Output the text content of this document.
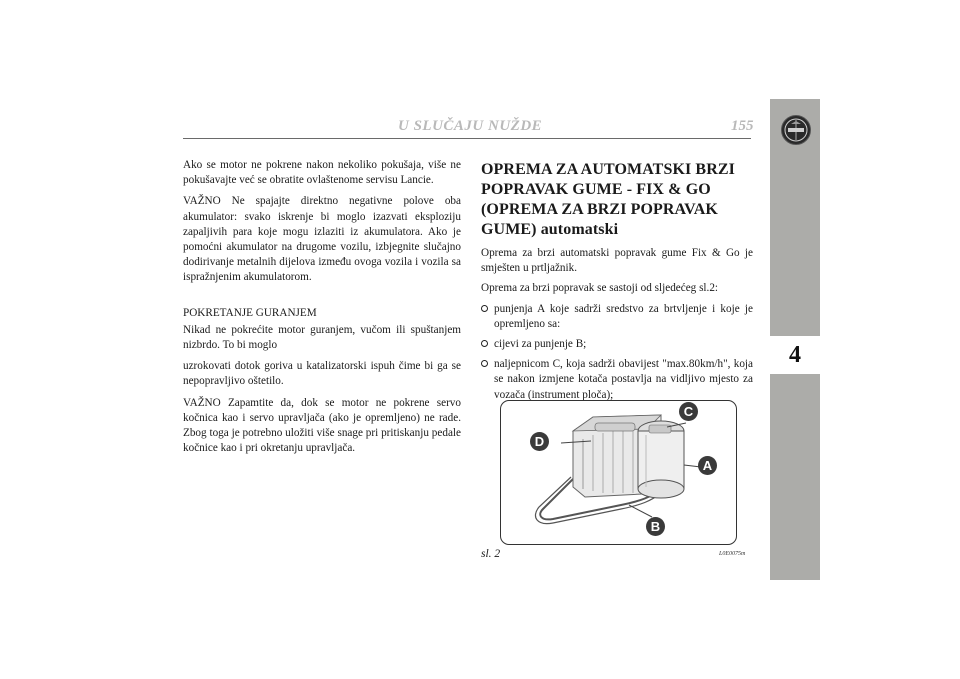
U SLUČAJU NUŽDE	155
4

Ako se motor ne pokrene nakon nekoliko pokušaja, više ne pokušavajte već se obratite ovlaštenome servisu Lancie.

VAŽNO Ne spajajte direktno negativne polove oba akumulator: svako iskrenje bi moglo izazvati eksploziju zapaljivih para koje mogu izlaziti iz akumulatora. Ako je pomoćni akumulator na drugome vozilu, izbjegnite slučajno dodirivanje metalnih dijelova između ovoga vozila i vozila sa ispražnjenim akumulatorom.

POKRETANJE GURANJEM

Nikad ne pokrećite motor guranjem, vučom ili spuštanjem nizbrdo. To bi moglo

uzrokovati dotok goriva u katalizatorski ispuh čime bi ga se nepopravljivo oštetilo.

VAŽNO Zapamtite da, dok se motor ne pokrene servo kočnica kao i servo upravljača (ako je opremljeno) ne rade. Zbog toga je potrebno uložiti više snage pri pritiskanju pedale kočnice kao i pri okretanju upravljača.

OPREMA ZA AUTOMATSKI BRZI POPRAVAK GUME - FIX & GO (OPREMA ZA BRZI POPRAVAK GUME) automatski

Oprema za brzi automatski popravak gume Fix & Go je smješten u prtljažnik.

Oprema za brzi popravak se sastoji od sljedećeg sl.2:

punjenja A koje sadrži sredstvo za brtvljenje i koje je opremljeno sa:
cijevi za punjenje B;
naljepnicom C, koja sadrži obavijest "max.80km/h", koja se nakon izmjene kotača postavlja na vidljivo mjesto za vozača (instrument ploča);
C
D
A
B
sl. 2	L0E0075m
